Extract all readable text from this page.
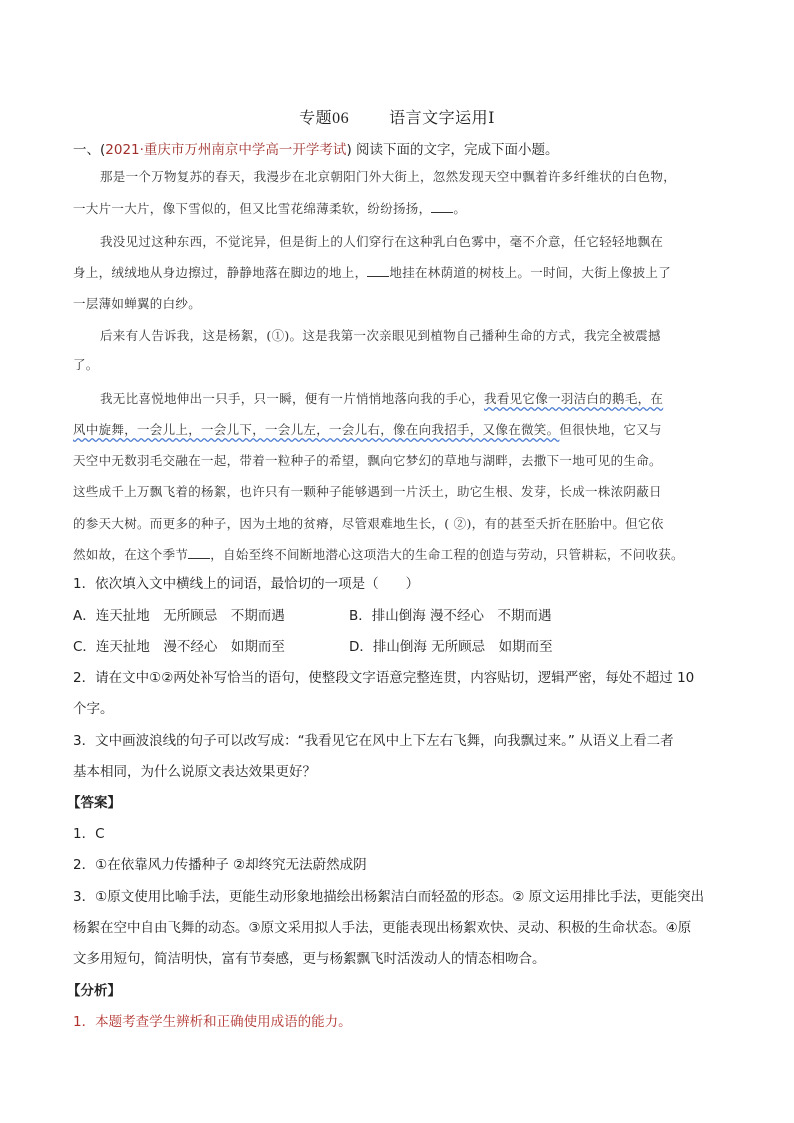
专题06	语言文字运用Ⅰ
一、(2021·重庆市万州南京中学高一开学考试) 阅读下面的文字，完成下面小题。
那是一个万物复苏的春天，我漫步在北京朝阳门外大街上，忽然发现天空中飘着许多纤维状的白色物，
一大片一大片，像下雪似的，但又比雪花绵薄柔软，纷纷扬扬， 。
我没见过这种东西，不觉诧异，但是街上的人们穿行在这种乳白色雾中，毫不介意，任它轻轻地飘在
身上，绒绒地从身边擦过，静静地落在脚边的地上， 地挂在林荫道的树枝上。一时间，大街上像披上了
一层薄如蝉翼的白纱。
后来有人告诉我，这是杨絮，(①)。这是我第一次亲眼见到植物自己播种生命的方式，我完全被震撼
了。
我无比喜悦地伸出一只手，只一瞬，便有一片悄悄地落向我的手心，我看见它像一羽洁白的鹅毛，在
风中旋舞，一会儿上，一会儿下，一会儿左，一会儿右，像在向我招手，又像在微笑。但很快地，它又与
天空中无数羽毛交融在一起，带着一粒种子的希望，飘向它梦幻的草地与湖畔，去撒下一地可见的生命。
这些成千上万飘飞着的杨絮，也许只有一颗种子能够遇到一片沃土，助它生根、发芽，长成一株浓阴蔽日
的参天大树。而更多的种子，因为土地的贫瘠，尽管艰难地生长，( ②)，有的甚至夭折在胚胎中。但它依
然如故，在这个季节 ，自始至终不间断地潜心这项浩大的生命工程的创造与劳动，只管耕耘，不问收获。
1．依次填入文中横线上的词语，最恰切的一项是（　　）
A．连天扯地　无所顾忌　不期而遇	B．排山倒海 漫不经心　不期而遇
C．连天扯地　漫不经心　如期而至	D．排山倒海 无所顾忌　如期而至
2．请在文中①②两处补写恰当的语句，使整段文字语意完整连贯，内容贴切，逻辑严密，每处不超过 10
个字。
3．文中画波浪线的句子可以改写成：“我看见它在风中上下左右飞舞，向我飘过来。” 从语义上看二者
基本相同，为什么说原文表达效果更好？
【答案】
1．C
2．①在依靠风力传播种子 ②却终究无法蔚然成阴
3．①原文使用比喻手法，更能生动形象地描绘出杨絮洁白而轻盈的形态。② 原文运用排比手法，更能突出
杨絮在空中自由飞舞的动态。③原文采用拟人手法，更能表现出杨絮欢快、灵动、积极的生命状态。④原
文多用短句，简洁明快，富有节奏感，更与杨絮飘飞时活泼动人的情态相吻合。
【分析】
1．本题考查学生辨析和正确使用成语的能力。
